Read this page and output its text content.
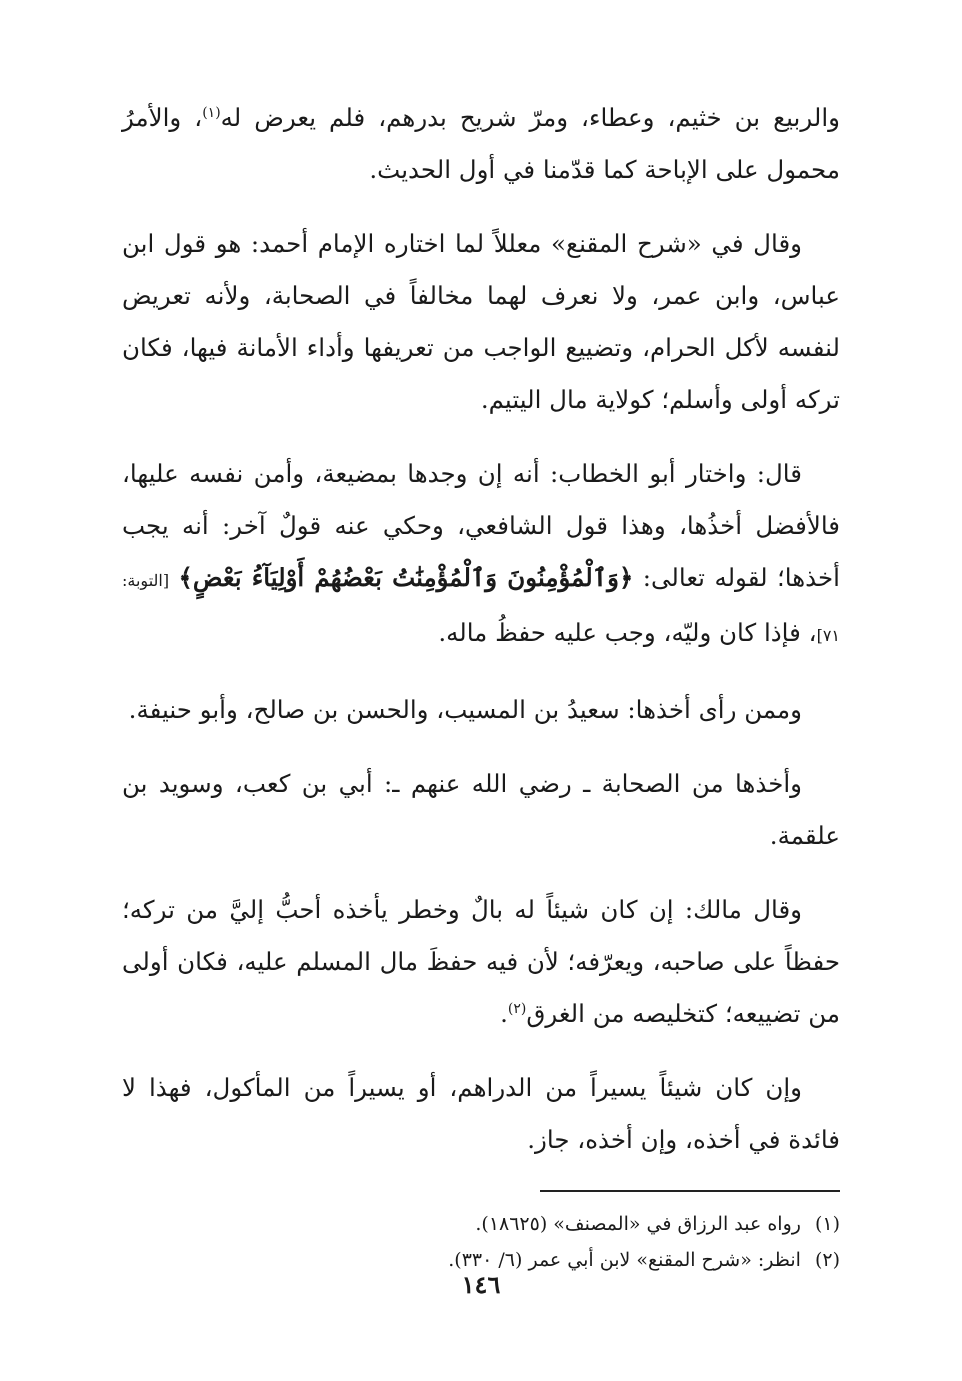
والربيع بن خثيم، وعطاء، ومرّ شريح بدرهم، فلم يعرض له$^{(١)}$، والأمرُ محمول على الإباحة كما قدّمنا في أول الحديث.

وقال في «شرح المقنع» معللاً لما اختاره الإمام أحمد: هو قول ابن عباس، وابن عمر، ولا نعرف لهما مخالفاً في الصحابة، ولأنه تعريض لنفسه لأكل الحرام، وتضييع الواجب من تعريفها وأداء الأمانة فيها، فكان تركه أولى وأسلم؛ كولاية مال اليتيم.

قال: واختار أبو الخطاب: أنه إن وجدها بمضيعة، وأمن نفسه عليها، فالأفضل أخذُها، وهذا قول الشافعي، وحكي عنه قولٌ آخر: أنه يجب أخذها؛ لقوله تعالى: ﴿وَٱلْمُؤْمِنُونَ وَٱلْمُؤْمِنَٰتُ بَعْضُهُمْ أَوْلِيَآءُ بَعْضٍ﴾ [التوبة: ٧١]، فإذا كان وليّه، وجب عليه حفظُ ماله.

وممن رأى أخذها: سعيدُ بن المسيب، والحسن بن صالح، وأبو حنيفة.

وأخذها من الصحابة ـ رضي الله عنهم ـ: أبي بن كعب، وسويد بن علقمة.

وقال مالك: إن كان شيئاً له بالٌ وخطر يأخذه أحبُّ إليَّ من تركه؛ حفظاً على صاحبه، ويعرّفه؛ لأن فيه حفظَ مال المسلم عليه، فكان أولى من تضييعه؛ كتخليصه من الغرق$^{(٢)}$.

وإن كان شيئاً يسيراً من الدراهم، أو يسيراً من المأكول، فهذا لا فائدة في أخذه، وإن أخذه، جاز.

(١)رواه عبد الرزاق في «المصنف» (١٨٦٢٥).

(٢)انظر: «شرح المقنع» لابن أبي عمر (٦/ ٣٣٠).

١٤٦
